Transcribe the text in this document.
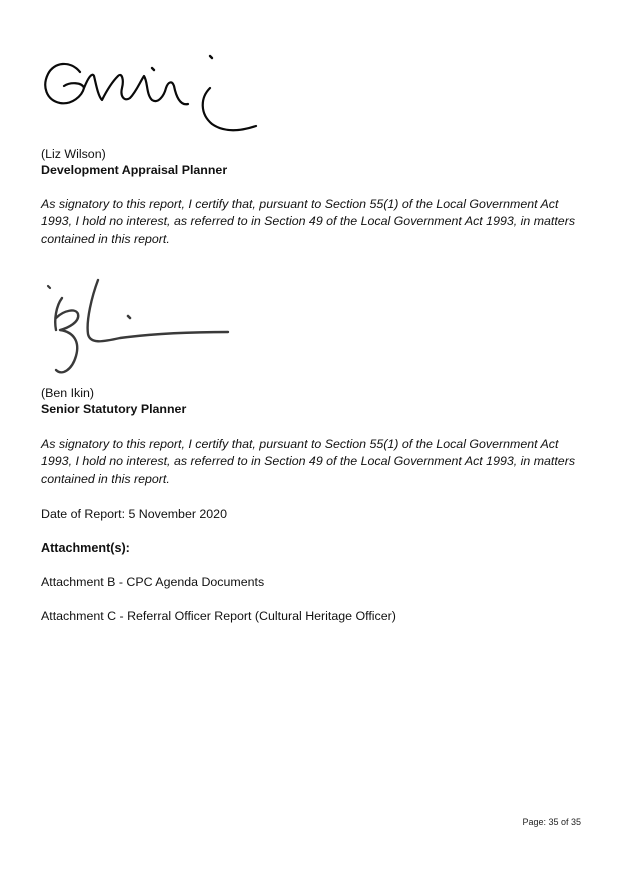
(Liz Wilson)
Development Appraisal Planner

As signatory to this report, I certify that, pursuant to Section 55(1) of the Local Government Act 1993, I hold no interest, as referred to in Section 49 of the Local Government Act 1993, in matters contained in this report.

(Ben Ikin)
Senior Statutory Planner

As signatory to this report, I certify that, pursuant to Section 55(1) of the Local Government Act 1993, I hold no interest, as referred to in Section 49 of the Local Government Act 1993, in matters contained in this report.

Date of Report: 5 November 2020
Attachment(s):
Attachment B - CPC Agenda Documents
Attachment C - Referral Officer Report (Cultural Heritage Officer)
Page: 35 of 35
